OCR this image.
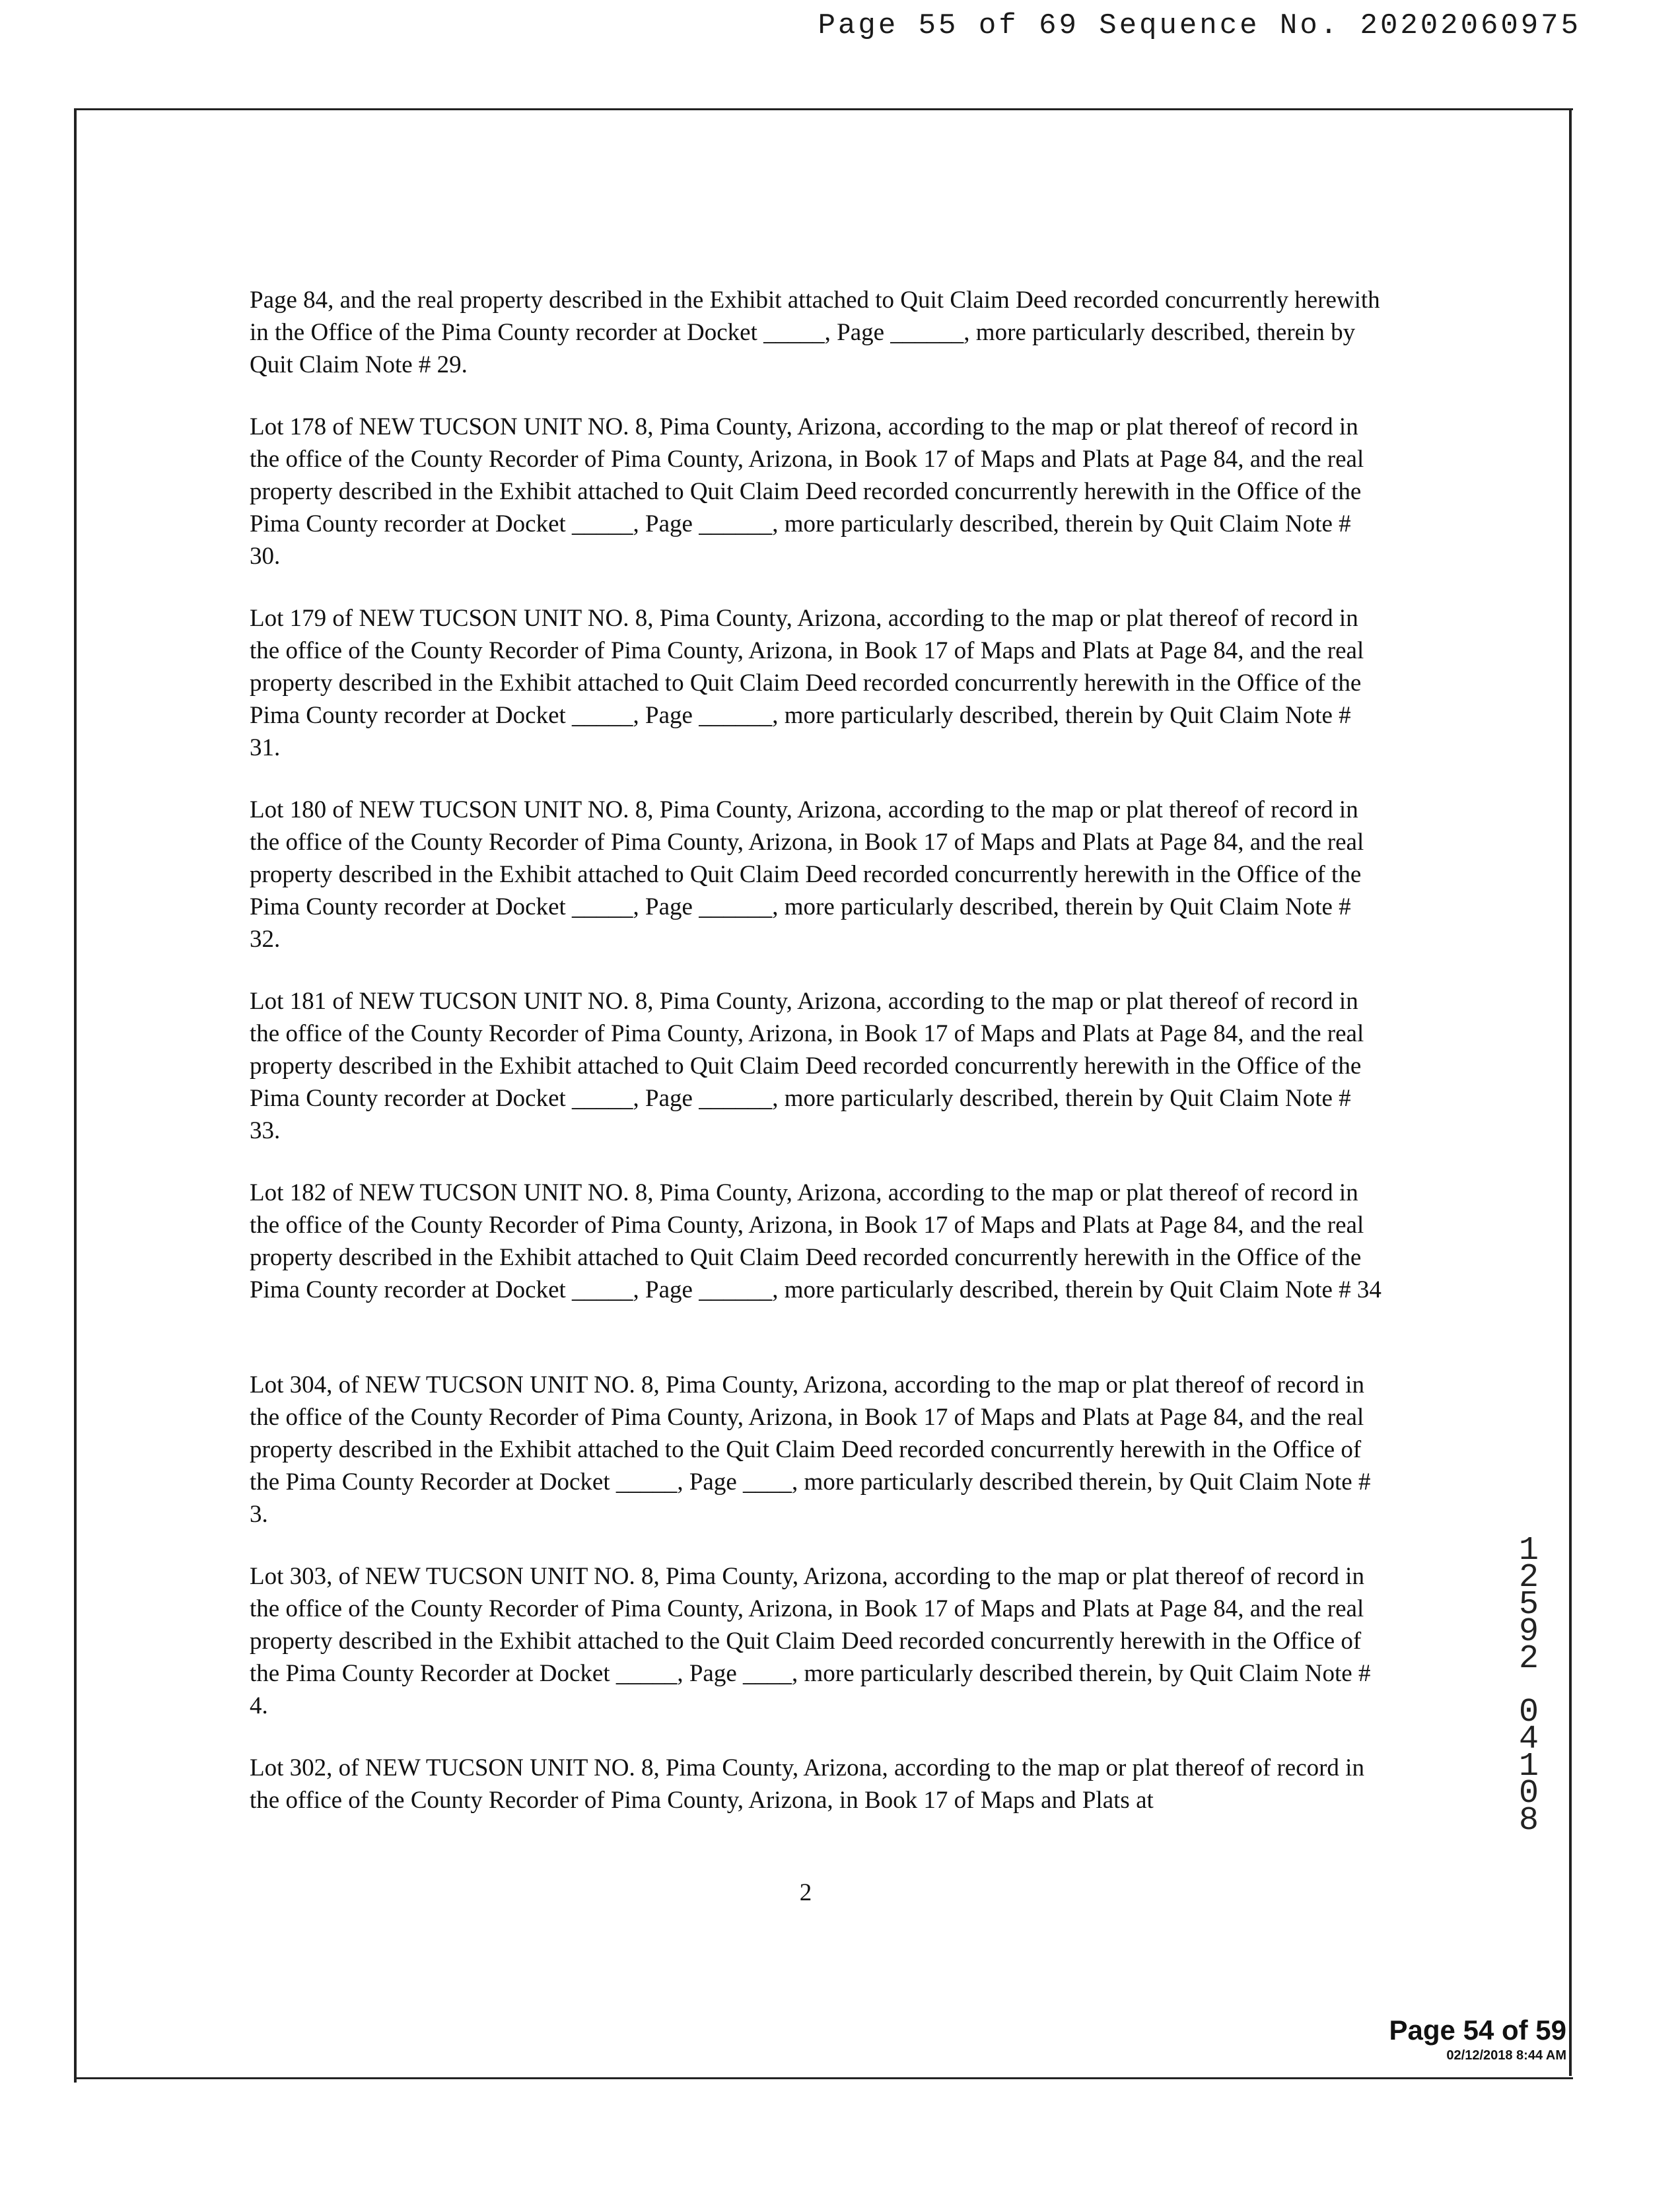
Page 55 of 69 Sequence No. 20202060975

Page 84, and the real property described in the Exhibit attached to Quit Claim Deed recorded concurrently herewith in the Office of the Pima County recorder at Docket _____, Page ______, more particularly described, therein by Quit Claim Note # 29.

Lot 178 of NEW TUCSON UNIT NO. 8, Pima County, Arizona, according to the map or plat thereof of record in the office of the County Recorder of Pima County, Arizona, in Book 17 of Maps and Plats at Page 84, and the real property described in the Exhibit attached to Quit Claim Deed recorded concurrently herewith in the Office of the Pima County recorder at Docket _____, Page ______, more particularly described, therein by Quit Claim Note # 30.

Lot 179 of NEW TUCSON UNIT NO. 8, Pima County, Arizona, according to the map or plat thereof of record in the office of the County Recorder of Pima County, Arizona, in Book 17 of Maps and Plats at Page 84, and the real property described in the Exhibit attached to Quit Claim Deed recorded concurrently herewith in the Office of the Pima County recorder at Docket _____, Page ______, more particularly described, therein by Quit Claim Note # 31.

Lot 180 of NEW TUCSON UNIT NO. 8, Pima County, Arizona, according to the map or plat thereof of record in the office of the County Recorder of Pima County, Arizona, in Book 17 of Maps and Plats at Page 84, and the real property described in the Exhibit attached to Quit Claim Deed recorded concurrently herewith in the Office of the Pima County recorder at Docket _____, Page ______, more particularly described, therein by Quit Claim Note # 32.

Lot 181 of NEW TUCSON UNIT NO. 8, Pima County, Arizona, according to the map or plat thereof of record in the office of the County Recorder of Pima County, Arizona, in Book 17 of Maps and Plats at Page 84, and the real property described in the Exhibit attached to Quit Claim Deed recorded concurrently herewith in the Office of the Pima County recorder at Docket _____, Page ______, more particularly described, therein by Quit Claim Note # 33.

Lot 182 of NEW TUCSON UNIT NO. 8, Pima County, Arizona, according to the map or plat thereof of record in the office of the County Recorder of Pima County, Arizona, in Book 17 of Maps and Plats at Page 84, and the real property described in the Exhibit attached to Quit Claim Deed recorded concurrently herewith in the Office of the Pima County recorder at Docket _____, Page ______, more particularly described, therein by Quit Claim Note # 34

Lot 304, of NEW TUCSON UNIT NO. 8, Pima County, Arizona, according to the map or plat thereof of record in the office of the County Recorder of Pima County, Arizona, in Book 17 of Maps and Plats at Page 84, and the real property described in the Exhibit attached to the Quit Claim Deed recorded concurrently herewith in the Office of the Pima County Recorder at Docket _____, Page ____, more particularly described therein, by Quit Claim Note # 3.

Lot 303, of NEW TUCSON UNIT NO. 8, Pima County, Arizona, according to the map or plat thereof of record in the office of the County Recorder of Pima County, Arizona, in Book 17 of Maps and Plats at Page 84, and the real property described in the Exhibit attached to the Quit Claim Deed recorded concurrently herewith in the Office of the Pima County Recorder at Docket _____, Page ____, more particularly described therein, by Quit Claim Note # 4.

Lot 302, of NEW TUCSON UNIT NO. 8, Pima County, Arizona, according to the map or plat thereof of record in the office of the County Recorder of Pima County, Arizona, in Book 17 of Maps and Plats at

2
1
2
5
9
2
0
4
1
0
8
Page 54 of 59
02/12/2018 8:44 AM
